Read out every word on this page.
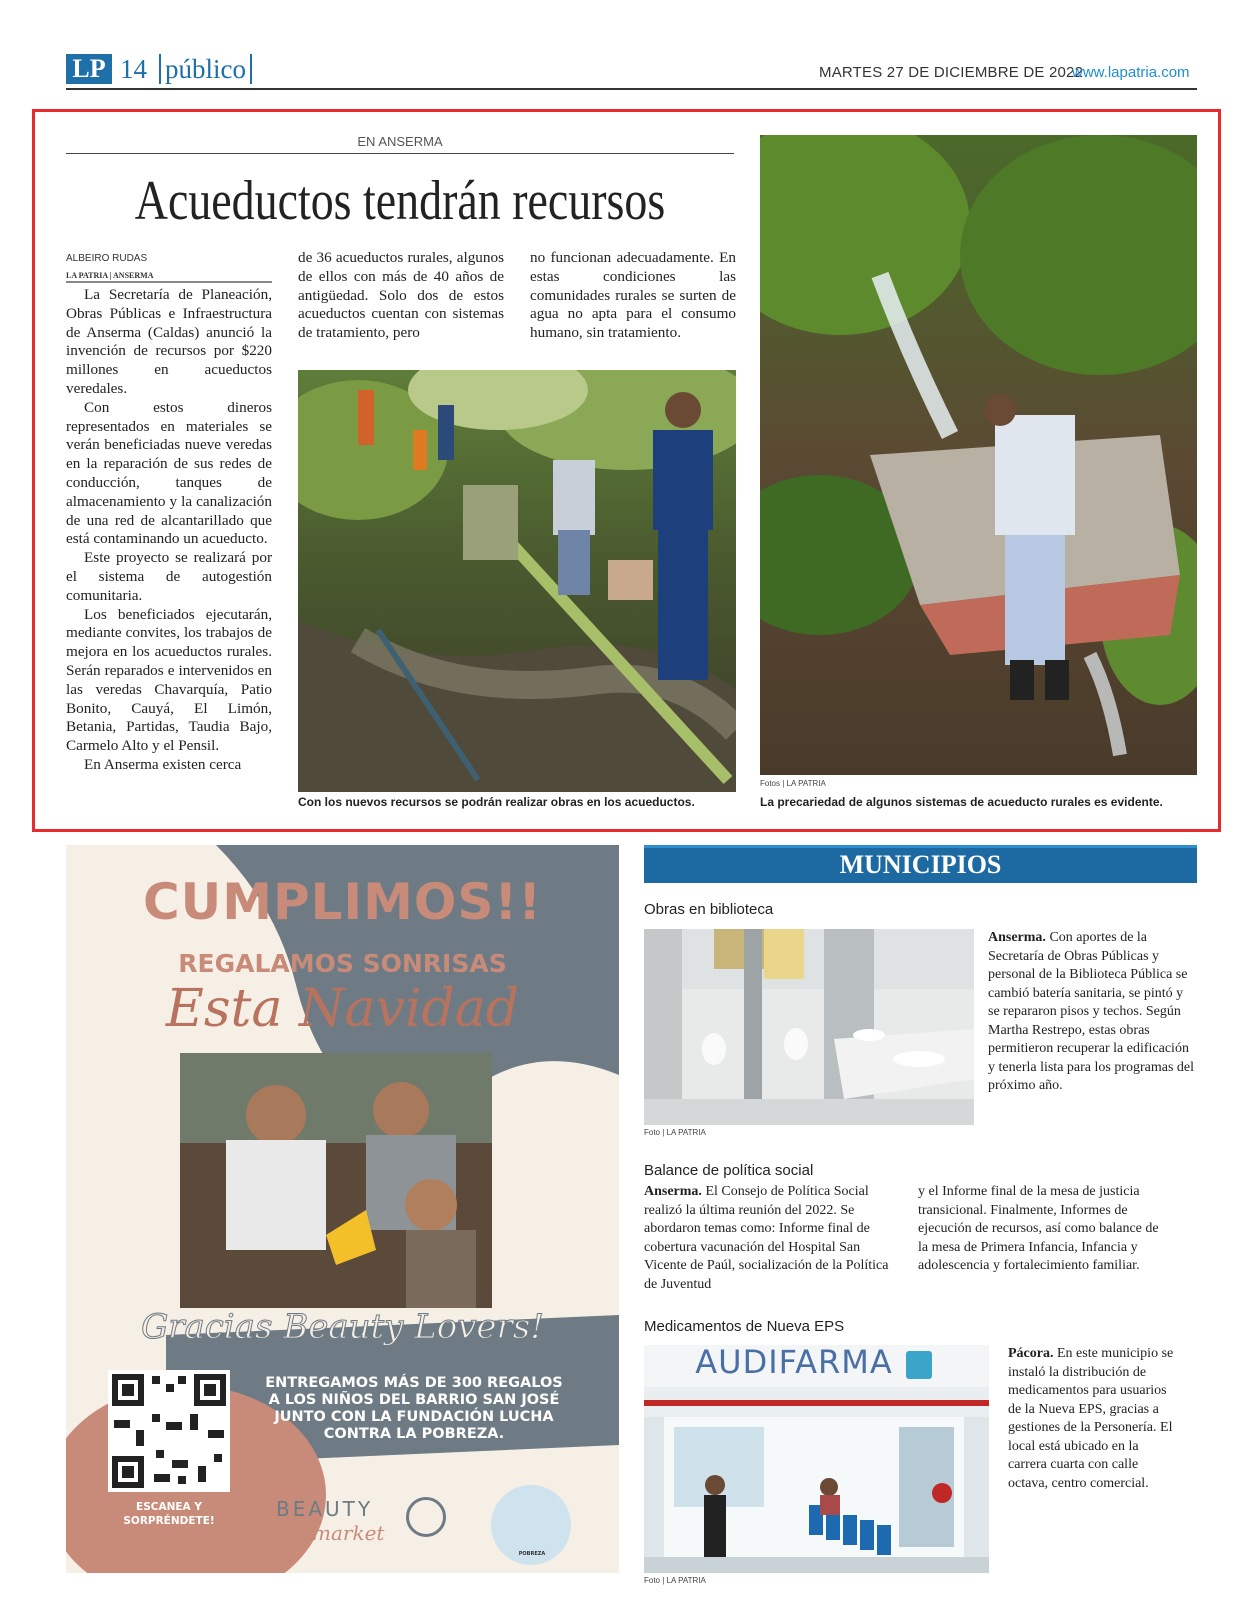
LP 14 público	MARTES 27 DE DICIEMBRE DE 2022
www.lapatria.com
EN ANSERMA
Acueductos tendrán recursos
ALBEIRO RUDAS
LA PATRIA | ANSERMA

La Secretaría de Planeación, Obras Públicas e Infraestructura de Anserma (Caldas) anunció la invención de recursos por $220 millones en acueductos veredales.

Con estos dineros representados en materiales se verán beneficiadas nueve veredas en la reparación de sus redes de conducción, tanques de almacenamiento y la canalización de una red de alcantarillado que está contaminando un acueducto.

Este proyecto se realizará por el sistema de autogestión comunitaria.

Los beneficiados ejecutarán, mediante convites, los trabajos de mejora en los acueductos rurales. Serán reparados e intervenidos en las veredas Chavarquía, Patio Bonito, Cauyá, El Limón, Betania, Partidas, Taudia Bajo, Carmelo Alto y el Pensil.

En Anserma existen cerca

de 36 acueductos rurales, algunos de ellos con más de 40 años de antigüedad. Solo dos de estos acueductos cuentan con sistemas de tratamiento, pero
no funcionan adecuadamente. En estas condiciones las comunidades rurales se surten de agua no apta para el consumo humano, sin tratamiento.
Con los nuevos recursos se podrán realizar obras en los acueductos.
Fotos | LA PATRIA
La precariedad de algunos sistemas de acueducto rurales es evidente.
CUMPLIMOS!!
REGALAMOS SONRISAS
Esta Navidad
Gracias Beauty Lovers!
ENTREGAMOS MÁS DE 300 REGALOS A LOS NIÑOS DEL BARRIO SAN JOSÉ JUNTO CON LA FUNDACIÓN LUCHA CONTRA LA POBREZA.
ESCANEA Y SORPRÉNDETE!	BEAUTY
market
POBREZA
MUNICIPIOS
Obras en biblioteca
Foto | LA PATRIA
Anserma. Con aportes de la Secretaría de Obras Públicas y personal de la Biblioteca Pública se cambió batería sanitaria, se pintó y se repararon pisos y techos. Según Martha Restrepo, estas obras permitieron recuperar la edificación y tenerla lista para los programas del próximo año.
Balance de política social
Anserma. El Consejo de Política Social realizó la última reunión del 2022. Se abordaron temas como: Informe final de cobertura vacunación del Hospital San Vicente de Paúl, socialización de la Política de Juventud
y el Informe final de la mesa de justicia transicional. Finalmente, Informes de ejecución de recursos, así como balance de la mesa de Primera Infancia, Infancia y adolescencia y fortalecimiento familiar.
Medicamentos de Nueva EPS
AUDIFARMA
Foto | LA PATRIA
Pácora. En este municipio se instaló la distribución de medicamentos para usuarios de la Nueva EPS, gracias a gestiones de la Personería. El local está ubicado en la carrera cuarta con calle octava, centro comercial.
